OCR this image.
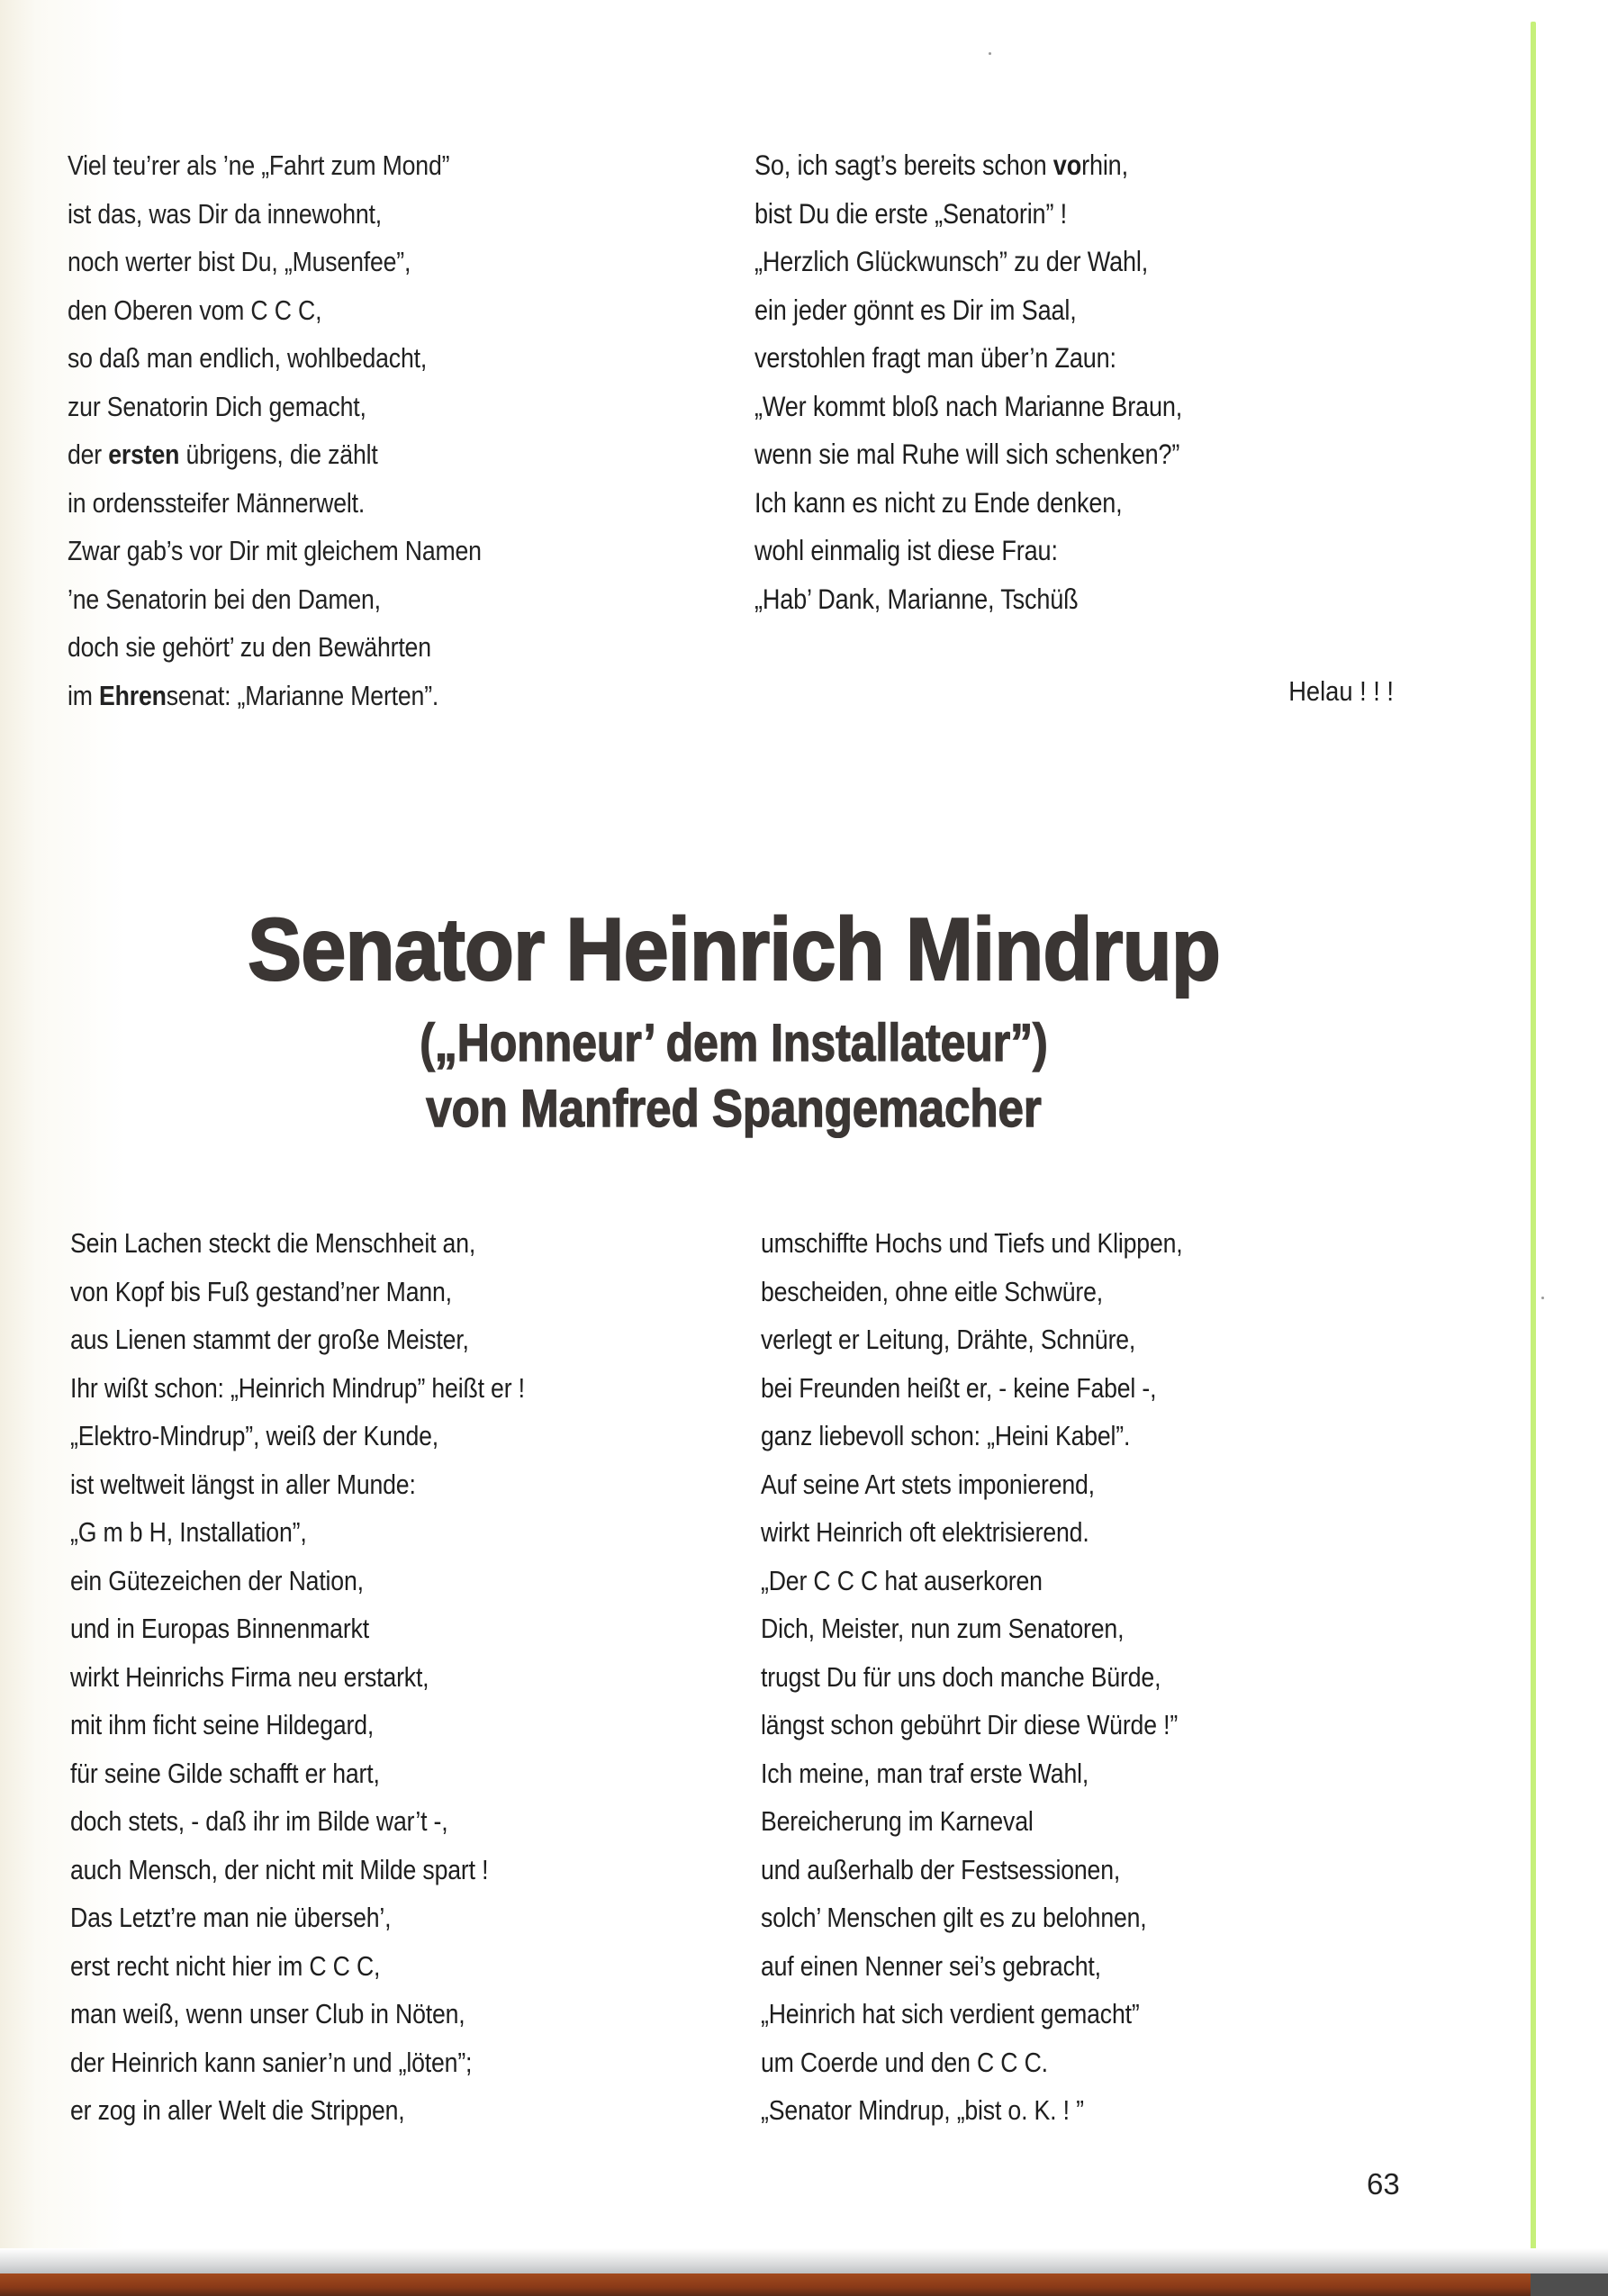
Viel teu’rer als ’ne „Fahrt zum Mond”
ist das, was Dir da innewohnt,
noch werter bist Du, „Musenfee”,
den Oberen vom C C C,
so daß man endlich, wohlbedacht,
zur Senatorin Dich gemacht,
der ersten übrigens, die zählt
in ordenssteifer Männerwelt.
Zwar gab’s vor Dir mit gleichem Namen
’ne Senatorin bei den Damen,
doch sie gehört’ zu den Bewährten
im Ehrensenat: „Marianne Merten”.
So, ich sagt’s bereits schon vorhin,
bist Du die erste „Senatorin” !
„Herzlich Glückwunsch” zu der Wahl,
ein jeder gönnt es Dir im Saal,
verstohlen fragt man über’n Zaun:
„Wer kommt bloß nach Marianne Braun,
wenn sie mal Ruhe will sich schenken?”
Ich kann es nicht zu Ende denken,
wohl einmalig ist diese Frau:
„Hab’ Dank, Marianne, Tschüß
Helau ! ! !
Senator Heinrich Mindrup
(„Honneur’ dem Installateur”)
von Manfred Spangemacher
Sein Lachen steckt die Menschheit an,
von Kopf bis Fuß gestand’ner Mann,
aus Lienen stammt der große Meister,
Ihr wißt schon: „Heinrich Mindrup” heißt er !
„Elektro-Mindrup”, weiß der Kunde,
ist weltweit längst in aller Munde:
„G m b H, Installation”,
ein Gütezeichen der Nation,
und in Europas Binnenmarkt
wirkt Heinrichs Firma neu erstarkt,
mit ihm ficht seine Hildegard,
für seine Gilde schafft er hart,
doch stets, - daß ihr im Bilde war’t -,
auch Mensch, der nicht mit Milde spart !
Das Letzt’re man nie überseh’,
erst recht nicht hier im C C C,
man weiß, wenn unser Club in Nöten,
der Heinrich kann sanier’n und „löten”;
er zog in aller Welt die Strippen,
umschiffte Hochs und Tiefs und Klippen,
bescheiden, ohne eitle Schwüre,
verlegt er Leitung, Drähte, Schnüre,
bei Freunden heißt er, - keine Fabel -,
ganz liebevoll schon: „Heini Kabel”.
Auf seine Art stets imponierend,
wirkt Heinrich oft elektrisierend.
„Der C C C hat auserkoren
Dich, Meister, nun zum Senatoren,
trugst Du für uns doch manche Bürde,
längst schon gebührt Dir diese Würde !”
Ich meine, man traf erste Wahl,
Bereicherung im Karneval
und außerhalb der Festsessionen,
solch’ Menschen gilt es zu belohnen,
auf einen Nenner sei’s gebracht,
„Heinrich hat sich verdient gemacht”
um Coerde und den C C C.
„Senator Mindrup, „bist o. K. ! ”
63
